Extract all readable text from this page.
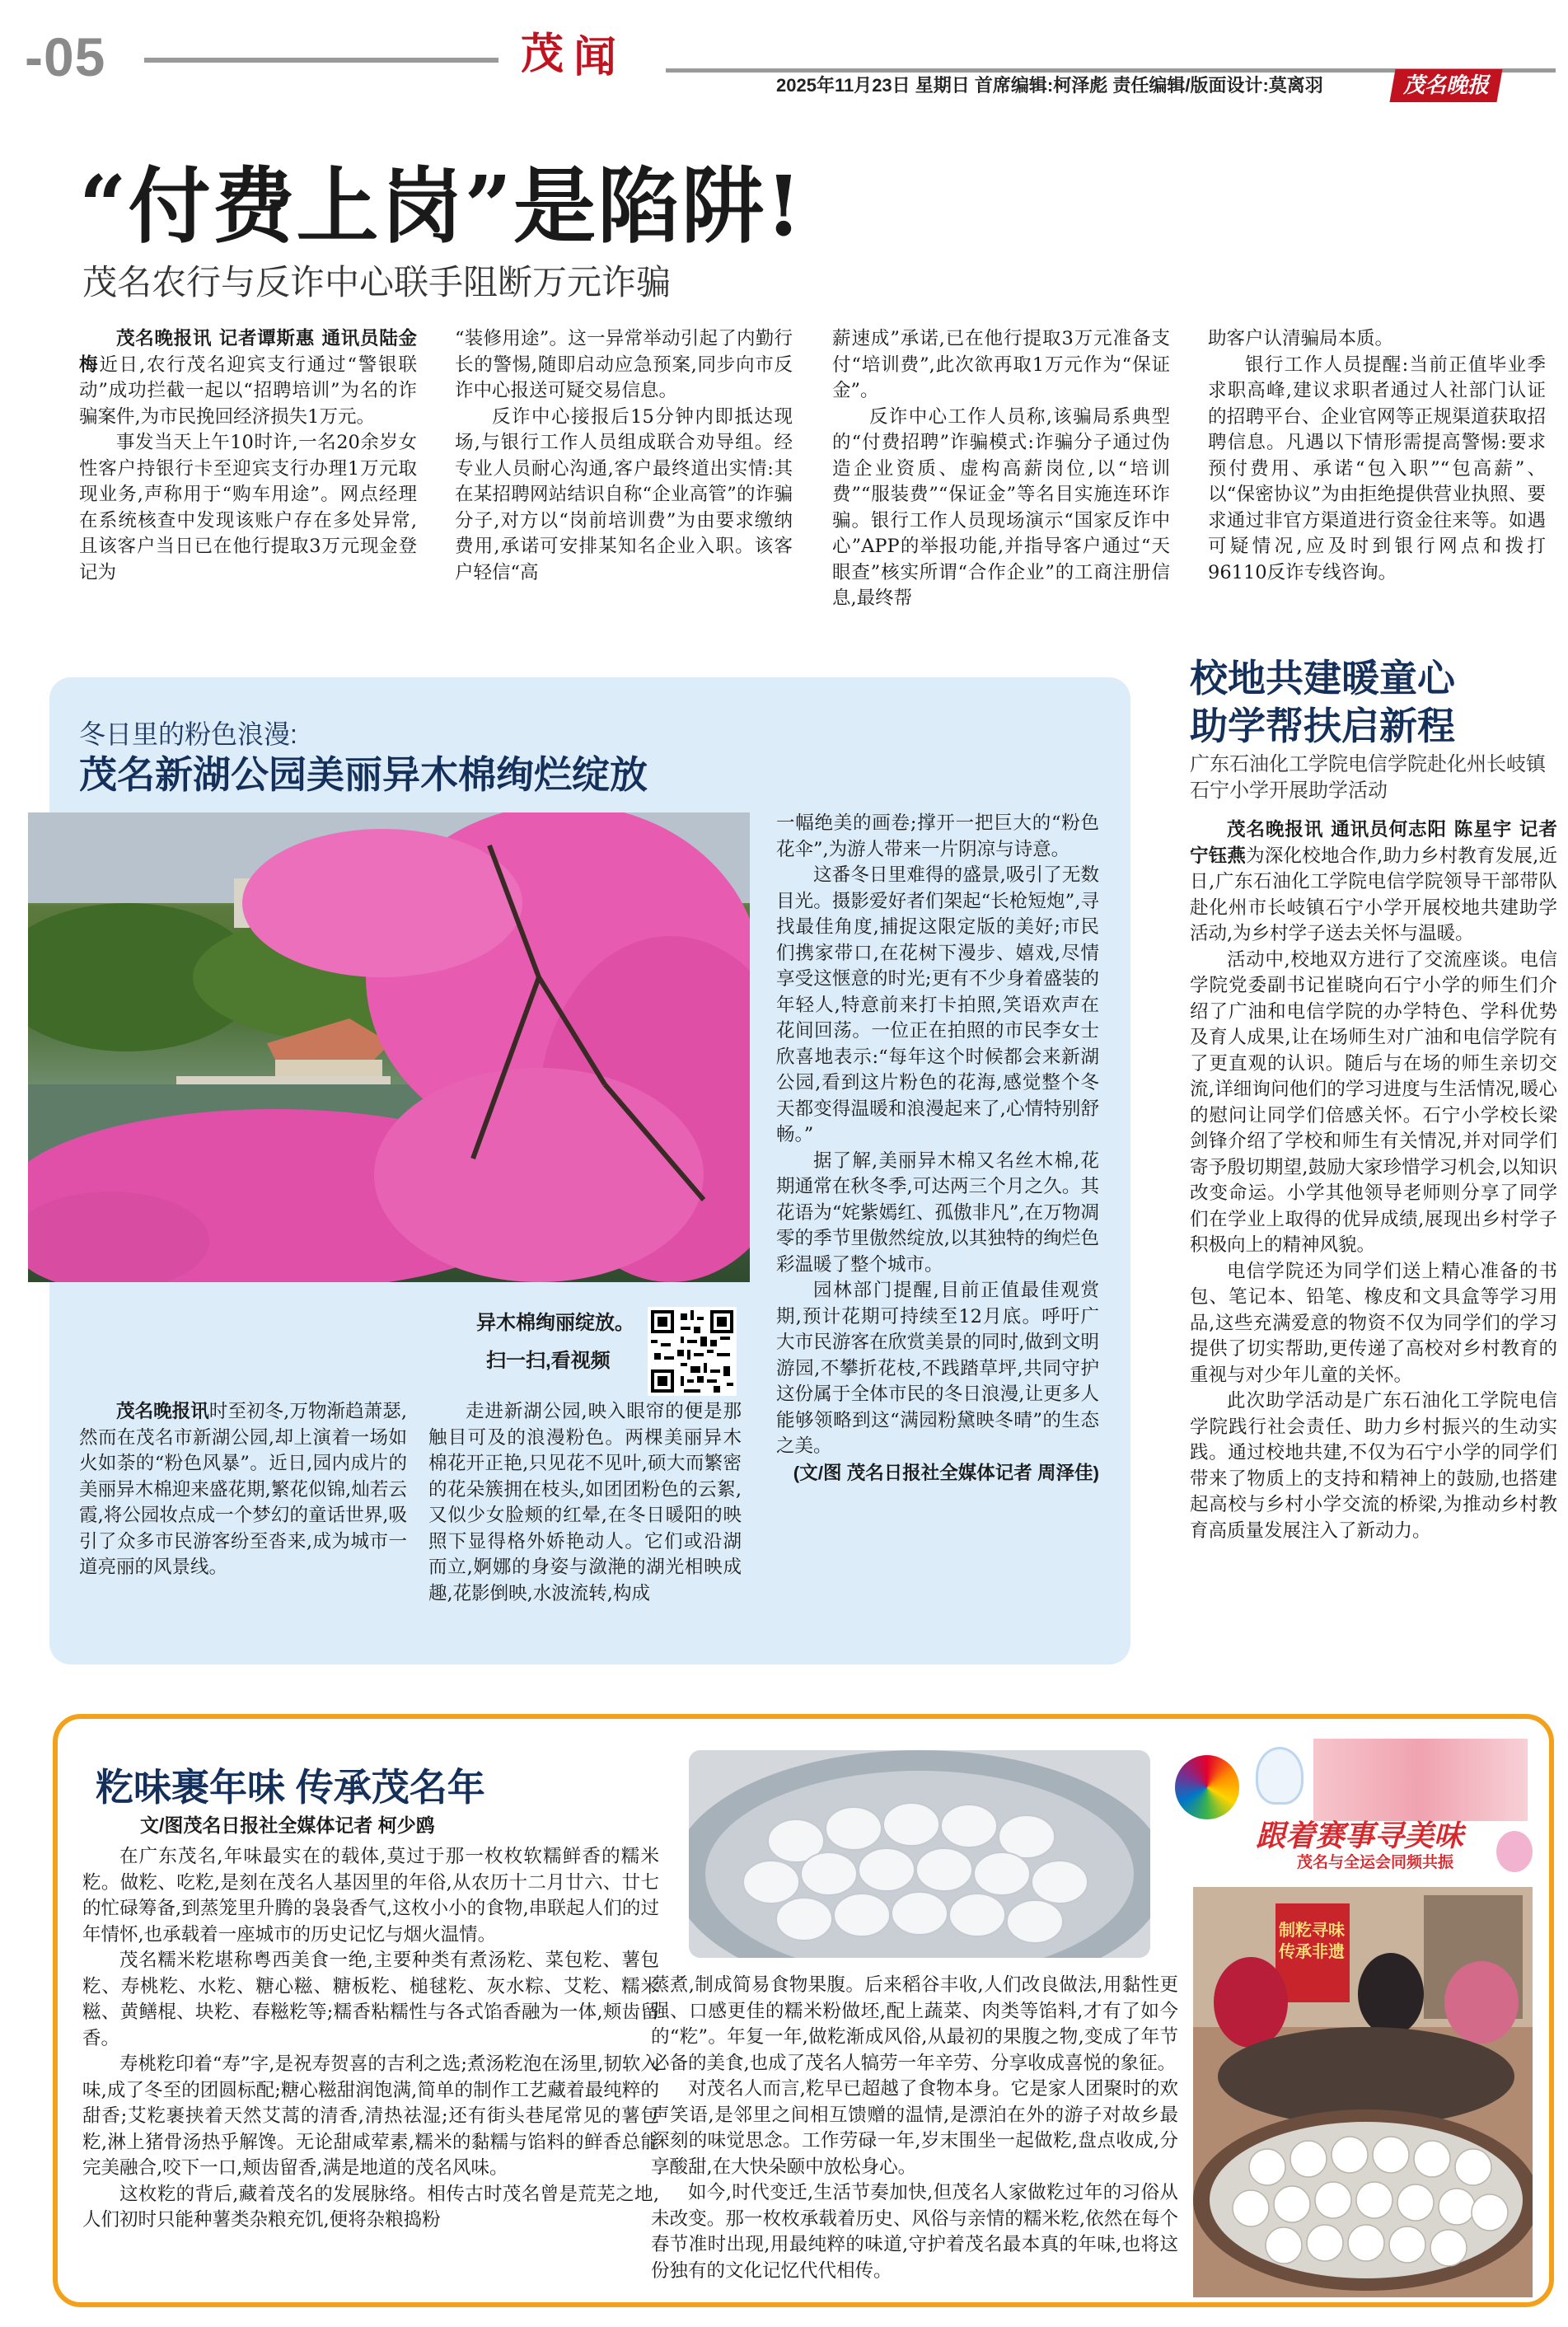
-05	茂 闻
2025年11月23日 星期日 首席编辑:柯泽彪 责任编辑/版面设计:莫离羽	茂名晚报
“付费上岗”是陷阱!
茂名农行与反诈中心联手阻断万元诈骗

茂名晚报讯 记者谭斯惠 通讯员陆金梅近日,农行茂名迎宾支行通过“警银联动”成功拦截一起以“招聘培训”为名的诈骗案件,为市民挽回经济损失1万元。

事发当天上午10时许,一名20余岁女性客户持银行卡至迎宾支行办理1万元取现业务,声称用于“购车用途”。网点经理在系统核查中发现该账户存在多处异常,且该客户当日已在他行提取3万元现金登记为

“装修用途”。这一异常举动引起了内勤行长的警惕,随即启动应急预案,同步向市反诈中心报送可疑交易信息。

反诈中心接报后15分钟内即抵达现场,与银行工作人员组成联合劝导组。经专业人员耐心沟通,客户最终道出实情:其在某招聘网站结识自称“企业高管”的诈骗分子,对方以“岗前培训费”为由要求缴纳费用,承诺可安排某知名企业入职。该客户轻信“高

薪速成”承诺,已在他行提取3万元准备支付“培训费”,此次欲再取1万元作为“保证金”。

反诈中心工作人员称,该骗局系典型的“付费招聘”诈骗模式:诈骗分子通过伪造企业资质、虚构高薪岗位,以“培训费”“服装费”“保证金”等名目实施连环诈骗。银行工作人员现场演示“国家反诈中心”APP的举报功能,并指导客户通过“天眼查”核实所谓“合作企业”的工商注册信息,最终帮

助客户认清骗局本质。

银行工作人员提醒:当前正值毕业季求职高峰,建议求职者通过人社部门认证的招聘平台、企业官网等正规渠道获取招聘信息。凡遇以下情形需提高警惕:要求预付费用、承诺“包入职”“包高薪”、以“保密协议”为由拒绝提供营业执照、要求通过非官方渠道进行资金往来等。如遇可疑情况,应及时到银行网点和拨打96110反诈专线咨询。

冬日里的粉色浪漫:
茂名新湖公园美丽异木棉绚烂绽放
异木棉绚丽绽放。
扫一扫,看视频

茂名晚报讯时至初冬,万物渐趋萧瑟,然而在茂名市新湖公园,却上演着一场如火如荼的“粉色风暴”。近日,园内成片的美丽异木棉迎来盛花期,繁花似锦,灿若云霞,将公园妆点成一个梦幻的童话世界,吸引了众多市民游客纷至沓来,成为城市一道亮丽的风景线。

走进新湖公园,映入眼帘的便是那触目可及的浪漫粉色。两棵美丽异木棉花开正艳,只见花不见叶,硕大而繁密的花朵簇拥在枝头,如团团粉色的云絮,又似少女脸颊的红晕,在冬日暖阳的映照下显得格外娇艳动人。它们或沿湖而立,婀娜的身姿与潋滟的湖光相映成趣,花影倒映,水波流转,构成

一幅绝美的画卷;撑开一把巨大的“粉色花伞”,为游人带来一片阴凉与诗意。

这番冬日里难得的盛景,吸引了无数目光。摄影爱好者们架起“长枪短炮”,寻找最佳角度,捕捉这限定版的美好;市民们携家带口,在花树下漫步、嬉戏,尽情享受这惬意的时光;更有不少身着盛装的年轻人,特意前来打卡拍照,笑语欢声在花间回荡。一位正在拍照的市民李女士欣喜地表示:“每年这个时候都会来新湖公园,看到这片粉色的花海,感觉整个冬天都变得温暖和浪漫起来了,心情特别舒畅。”

据了解,美丽异木棉又名丝木棉,花期通常在秋冬季,可达两三个月之久。其花语为“姹紫嫣红、孤傲非凡”,在万物凋零的季节里傲然绽放,以其独特的绚烂色彩温暖了整个城市。

园林部门提醒,目前正值最佳观赏期,预计花期可持续至12月底。呼吁广大市民游客在欣赏美景的同时,做到文明游园,不攀折花枝,不践踏草坪,共同守护这份属于全体市民的冬日浪漫,让更多人能够领略到这“满园粉黛映冬晴”的生态之美。

(文/图 茂名日报社全媒体记者 周泽佳)

校地共建暖童心
助学帮扶启新程
广东石油化工学院电信学院赴化州长岐镇石宁小学开展助学活动

茂名晚报讯 通讯员何志阳 陈星宇 记者宁钰燕为深化校地合作,助力乡村教育发展,近日,广东石油化工学院电信学院领导干部带队赴化州市长岐镇石宁小学开展校地共建助学活动,为乡村学子送去关怀与温暖。

活动中,校地双方进行了交流座谈。电信学院党委副书记崔晓向石宁小学的师生们介绍了广油和电信学院的办学特色、学科优势及育人成果,让在场师生对广油和电信学院有了更直观的认识。随后与在场的师生亲切交流,详细询问他们的学习进度与生活情况,暖心的慰问让同学们倍感关怀。石宁小学校长梁剑锋介绍了学校和师生有关情况,并对同学们寄予殷切期望,鼓励大家珍惜学习机会,以知识改变命运。小学其他领导老师则分享了同学们在学业上取得的优异成绩,展现出乡村学子积极向上的精神风貌。

电信学院还为同学们送上精心准备的书包、笔记本、铅笔、橡皮和文具盒等学习用品,这些充满爱意的物资不仅为同学们的学习提供了切实帮助,更传递了高校对乡村教育的重视与对少年儿童的关怀。

此次助学活动是广东石油化工学院电信学院践行社会责任、助力乡村振兴的生动实践。通过校地共建,不仅为石宁小学的同学们带来了物质上的支持和精神上的鼓励,也搭建起高校与乡村小学交流的桥梁,为推动乡村教育高质量发展注入了新动力。

籺味裹年味 传承茂名年
文/图茂名日报社全媒体记者 柯少鸥	跟着赛事寻美味
茂名与全运会同频共振
制籺寻味 传承非遗

在广东茂名,年味最实在的载体,莫过于那一枚枚软糯鲜香的糯米籺。做籺、吃籺,是刻在茂名人基因里的年俗,从农历十二月廿六、廿七的忙碌筹备,到蒸笼里升腾的袅袅香气,这枚小小的食物,串联起人们的过年情怀,也承载着一座城市的历史记忆与烟火温情。

茂名糯米籺堪称粤西美食一绝,主要种类有煮汤籺、菜包籺、薯包籺、寿桃籺、水籺、糖心糍、糖板籺、槌毬籺、灰水粽、艾籺、糯米糍、黄鳝棍、块籺、春糍籺等;糯香粘糯性与各式馅香融为一体,颊齿留香。

寿桃籺印着“寿”字,是祝寿贺喜的吉利之选;煮汤籺泡在汤里,韧软入味,成了冬至的团圆标配;糖心糍甜润饱满,简单的制作工艺藏着最纯粹的甜香;艾籺裹挟着天然艾蒿的清香,清热祛湿;还有街头巷尾常见的薯包籺,淋上猪骨汤热乎解馋。无论甜咸荤素,糯米的黏糯与馅料的鲜香总能完美融合,咬下一口,颊齿留香,满是地道的茂名风味。

这枚籺的背后,藏着茂名的发展脉络。相传古时茂名曾是荒芜之地,人们初时只能种薯类杂粮充饥,便将杂粮捣粉

蒸煮,制成简易食物果腹。后来稻谷丰收,人们改良做法,用黏性更强、口感更佳的糯米粉做坯,配上蔬菜、肉类等馅料,才有了如今的“籺”。年复一年,做籺渐成风俗,从最初的果腹之物,变成了年节必备的美食,也成了茂名人犒劳一年辛劳、分享收成喜悦的象征。

对茂名人而言,籺早已超越了食物本身。它是家人团聚时的欢声笑语,是邻里之间相互馈赠的温情,是漂泊在外的游子对故乡最深刻的味觉思念。工作劳碌一年,岁末围坐一起做籺,盘点收成,分享酸甜,在大快朵颐中放松身心。

如今,时代变迁,生活节奏加快,但茂名人家做籺过年的习俗从未改变。那一枚枚承载着历史、风俗与亲情的糯米籺,依然在每个春节准时出现,用最纯粹的味道,守护着茂名最本真的年味,也将这份独有的文化记忆代代相传。
